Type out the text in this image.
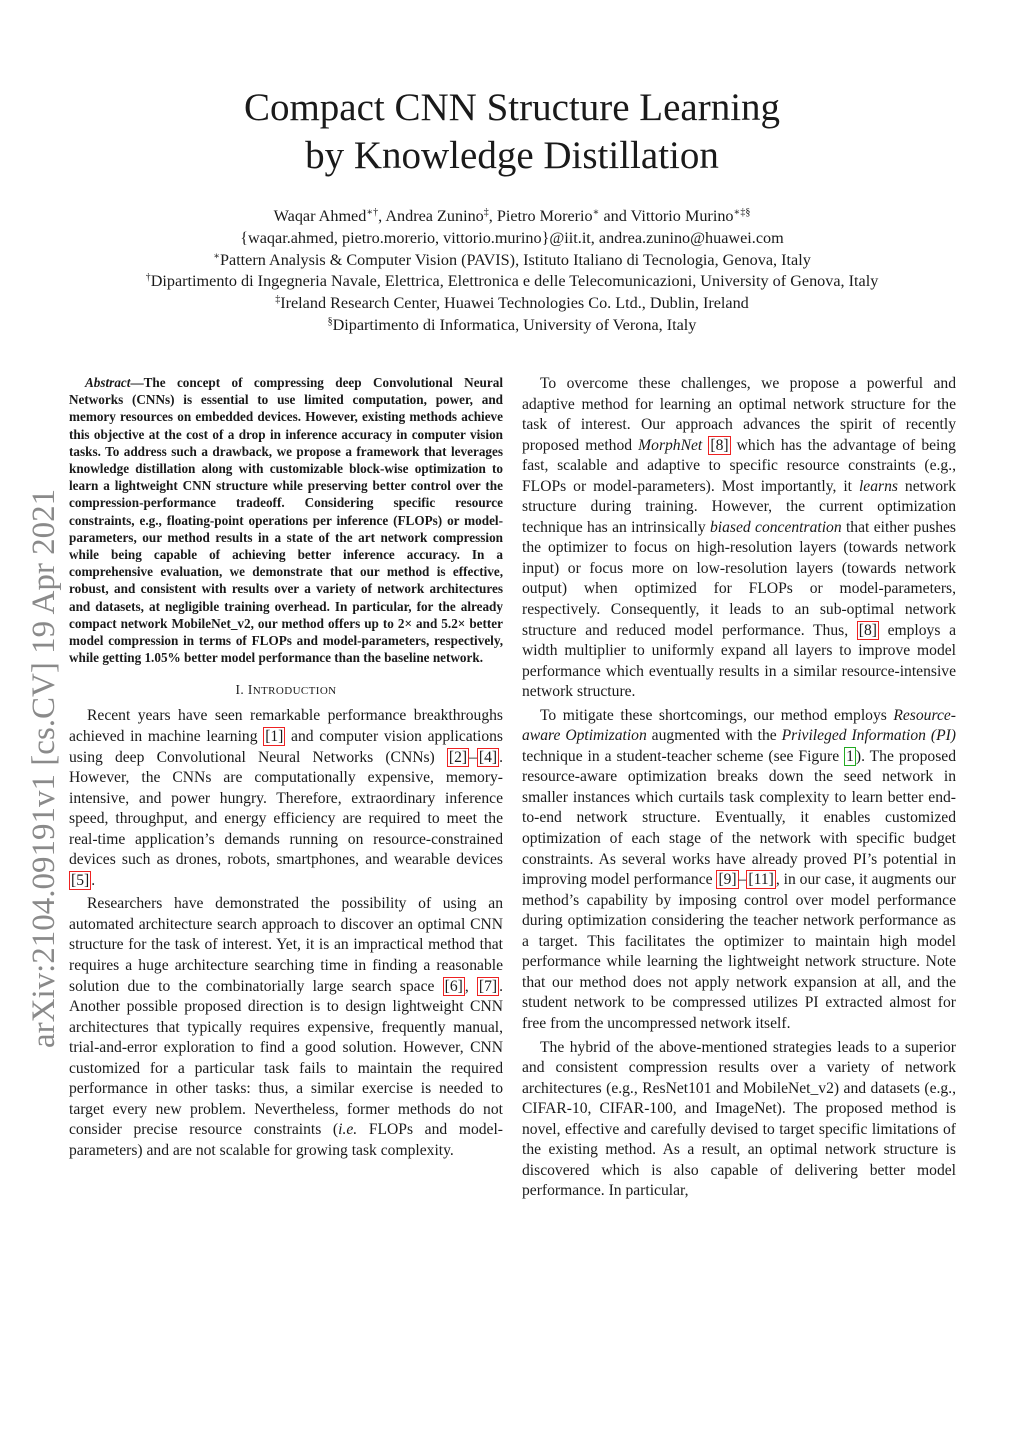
arXiv:2104.09191v1 [cs.CV] 19 Apr 2021
Compact CNN Structure Learning
by Knowledge Distillation
Waqar Ahmed∗†, Andrea Zunino‡, Pietro Morerio∗ and Vittorio Murino∗‡§
{waqar.ahmed, pietro.morerio, vittorio.murino}@iit.it, andrea.zunino@huawei.com
∗Pattern Analysis & Computer Vision (PAVIS), Istituto Italiano di Tecnologia, Genova, Italy
†Dipartimento di Ingegneria Navale, Elettrica, Elettronica e delle Telecomunicazioni, University of Genova, Italy
‡Ireland Research Center, Huawei Technologies Co. Ltd., Dublin, Ireland
§Dipartimento di Informatica, University of Verona, Italy

Abstract—The concept of compressing deep Convolutional Neural Networks (CNNs) is essential to use limited computation, power, and memory resources on embedded devices. However, existing methods achieve this objective at the cost of a drop in inference accuracy in computer vision tasks. To address such a drawback, we propose a framework that leverages knowledge distillation along with customizable block-wise optimization to learn a lightweight CNN structure while preserving better control over the compression-performance tradeoff. Considering specific resource constraints, e.g., floating-point operations per inference (FLOPs) or model-parameters, our method results in a state of the art network compression while being capable of achieving better inference accuracy. In a comprehensive evaluation, we demonstrate that our method is effective, robust, and consistent with results over a variety of network architectures and datasets, at negligible training overhead. In particular, for the already compact network MobileNet_v2, our method offers up to 2× and 5.2× better model compression in terms of FLOPs and model-parameters, respectively, while getting 1.05% better model performance than the baseline network.

I. INTRODUCTION

Recent years have seen remarkable performance breakthroughs achieved in machine learning [1] and computer vision applications using deep Convolutional Neural Networks (CNNs) [2] – [4] . However, the CNNs are computationally expensive, memory-intensive, and power hungry. Therefore, extraordinary inference speed, throughput, and energy efficiency are required to meet the real-time application’s demands running on resource-constrained devices such as drones, robots, smartphones, and wearable devices [5] .

Researchers have demonstrated the possibility of using an automated architecture search approach to discover an optimal CNN structure for the task of interest. Yet, it is an impractical method that requires a huge architecture searching time in finding a reasonable solution due to the combinatorially large search space [6] , [7] . Another possible proposed direction is to design lightweight CNN architectures that typically requires expensive, frequently manual, trial-and-error exploration to find a good solution. However, CNN customized for a particular task fails to maintain the required performance in other tasks: thus, a similar exercise is needed to target every new problem. Nevertheless, former methods do not consider precise resource constraints (i.e. FLOPs and model-parameters) and are not scalable for growing task complexity.

To overcome these challenges, we propose a powerful and adaptive method for learning an optimal network structure for the task of interest. Our approach advances the spirit of recently proposed method MorphNet [8] which has the advantage of being fast, scalable and adaptive to specific resource constraints (e.g., FLOPs or model-parameters). Most importantly, it learns network structure during training. However, the current optimization technique has an intrinsically biased concentration that either pushes the optimizer to focus on high-resolution layers (towards network input) or focus more on low-resolution layers (towards network output) when optimized for FLOPs or model-parameters, respectively. Consequently, it leads to an sub-optimal network structure and reduced model performance. Thus, [8] employs a width multiplier to uniformly expand all layers to improve model performance which eventually results in a similar resource-intensive network structure.

To mitigate these shortcomings, our method employs Resource-aware Optimization augmented with the Privileged Information (PI) technique in a student-teacher scheme (see Figure 1 ). The proposed resource-aware optimization breaks down the seed network in smaller instances which curtails task complexity to learn better end-to-end network structure. Eventually, it enables customized optimization of each stage of the network with specific budget constraints. As several works have already proved PI’s potential in improving model performance [9] – [11] , in our case, it augments our method’s capability by imposing control over model performance during optimization considering the teacher network performance as a target. This facilitates the optimizer to maintain high model performance while learning the lightweight network structure. Note that our method does not apply network expansion at all, and the student network to be compressed utilizes PI extracted almost for free from the uncompressed network itself.

The hybrid of the above-mentioned strategies leads to a superior and consistent compression results over a variety of network architectures (e.g., ResNet101 and MobileNet_v2) and datasets (e.g., CIFAR-10, CIFAR-100, and ImageNet). The proposed method is novel, effective and carefully devised to target specific limitations of the existing method. As a result, an optimal network structure is discovered which is also capable of delivering better model performance. In particular,
